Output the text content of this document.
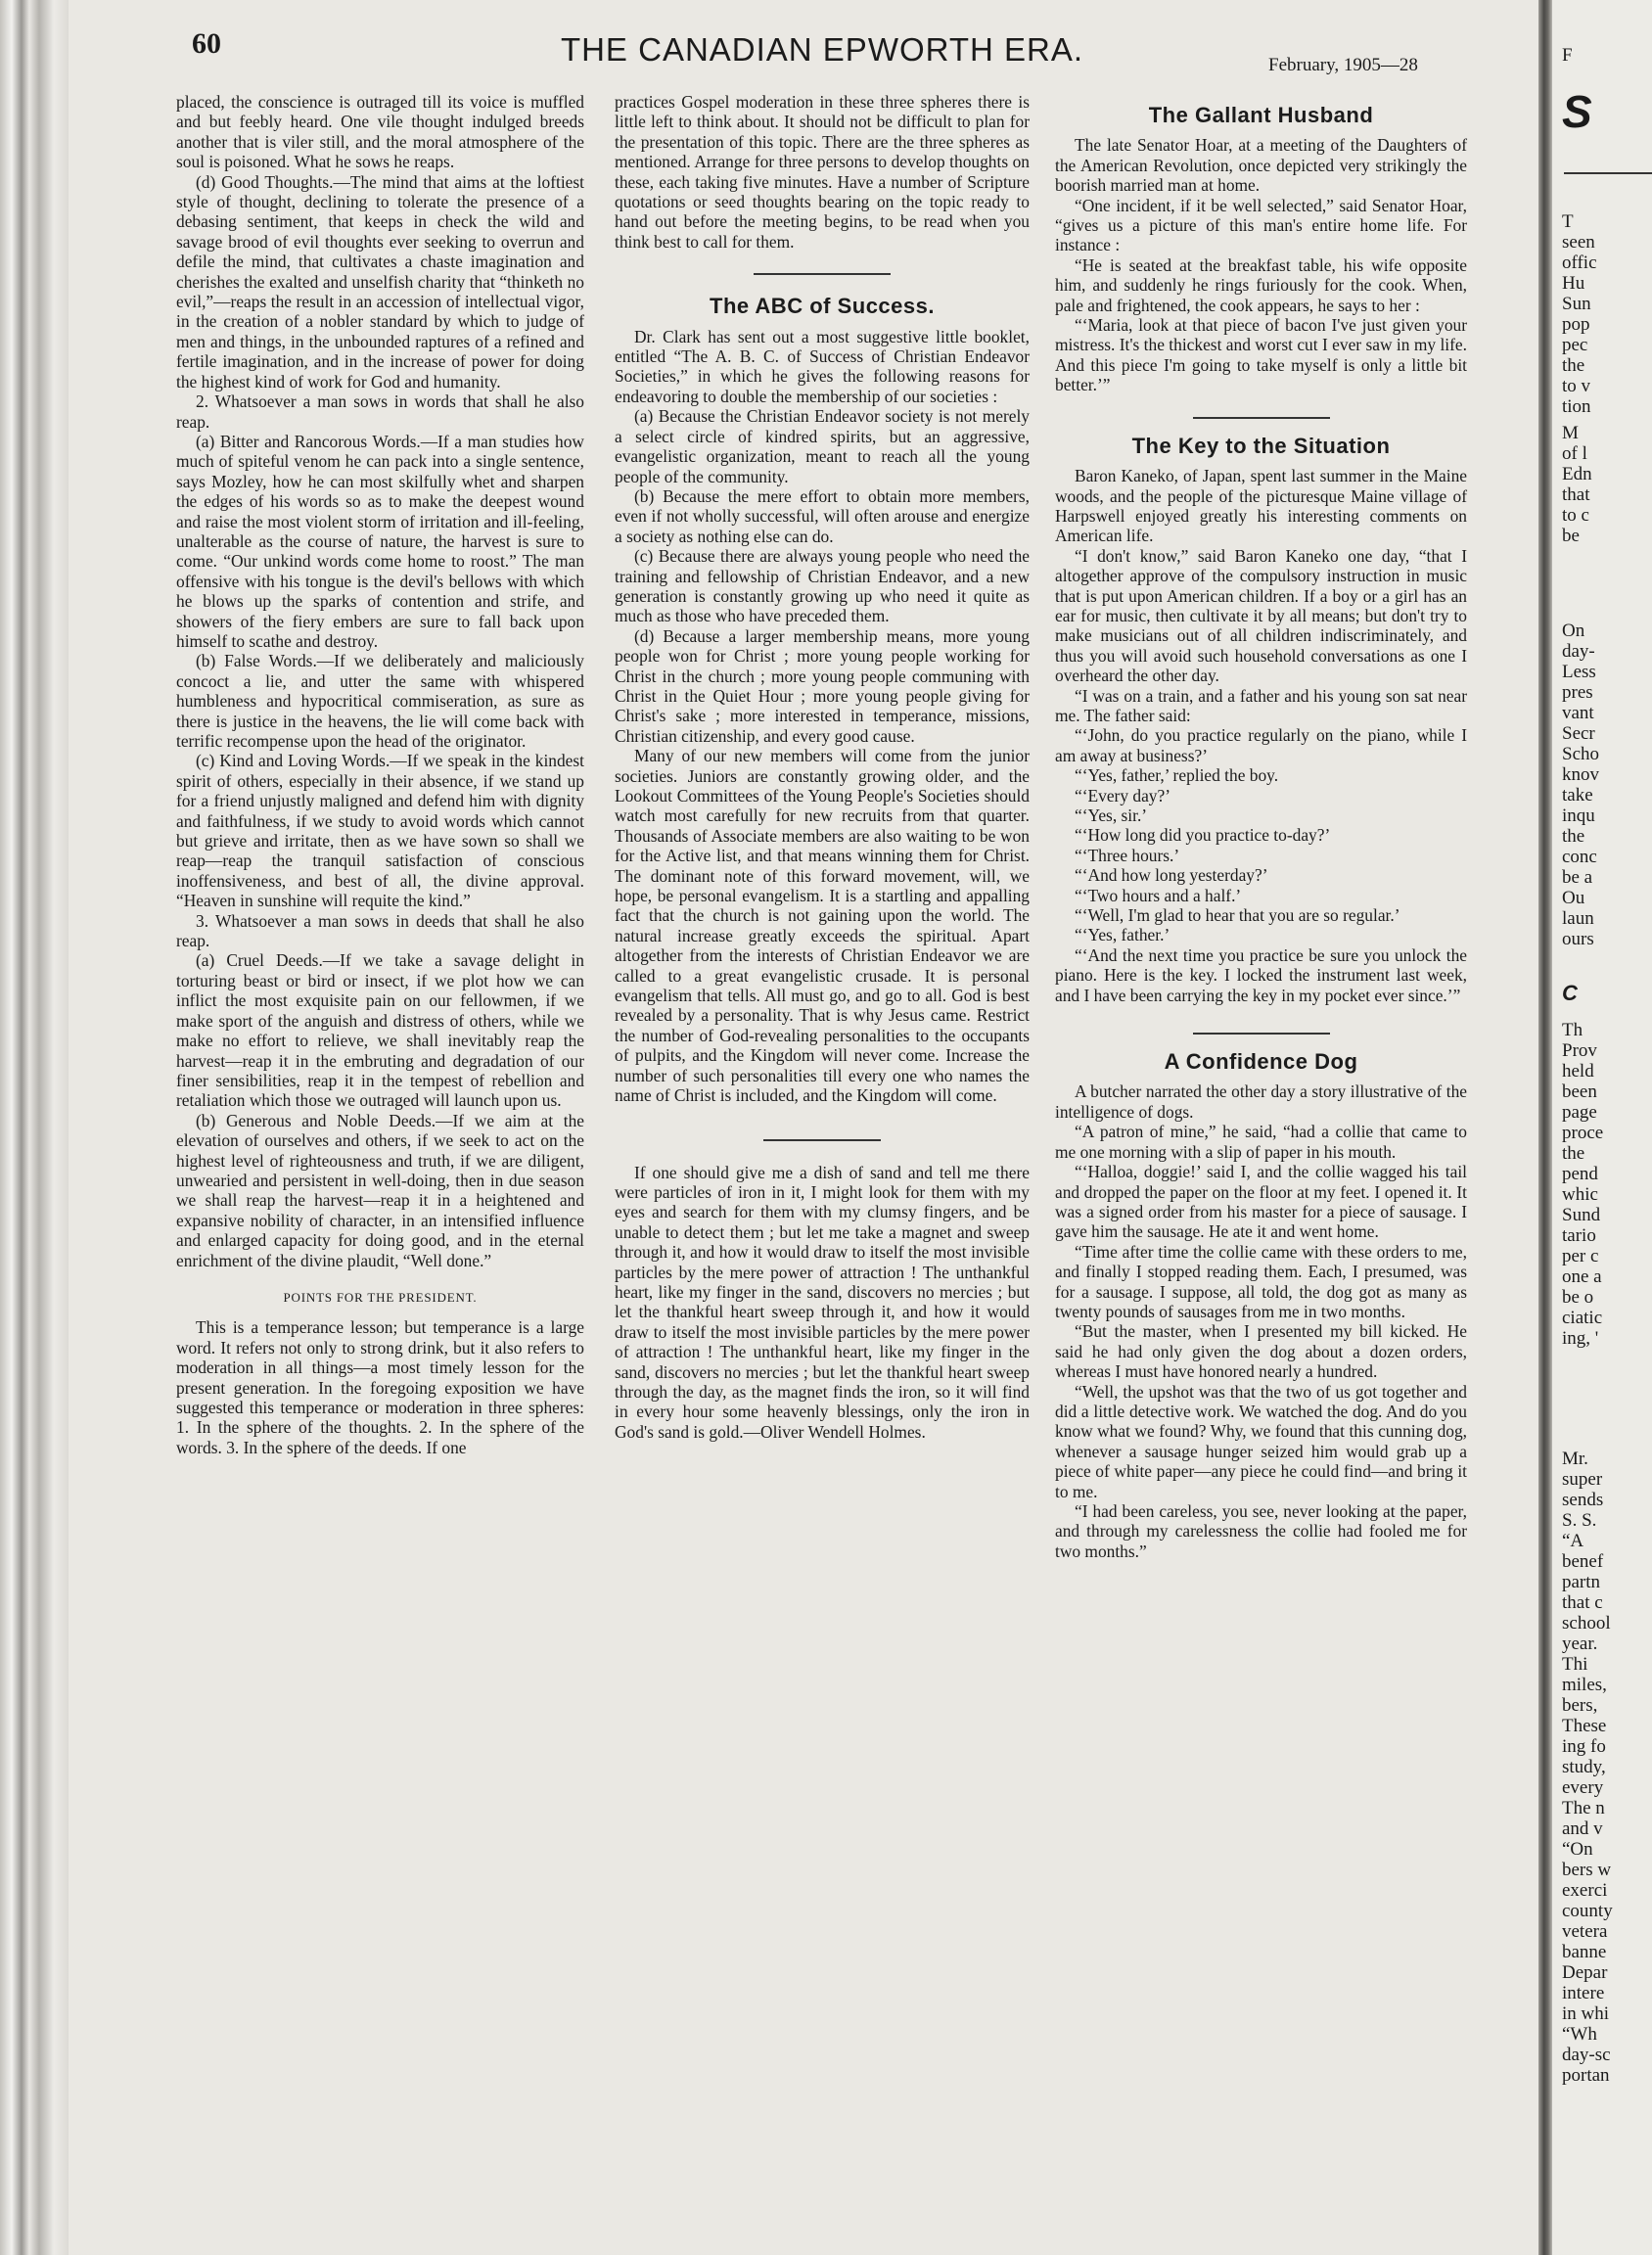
60	THE CANADIAN EPWORTH ERA.	February, 1905—28

placed, the conscience is outraged till its voice is muffled and but feebly heard. One vile thought indulged breeds another that is viler still, and the moral atmosphere of the soul is poisoned. What he sows he reaps.

(d) Good Thoughts.—The mind that aims at the loftiest style of thought, declining to tolerate the presence of a debasing sentiment, that keeps in check the wild and savage brood of evil thoughts ever seeking to overrun and defile the mind, that cultivates a chaste imagination and cherishes the exalted and unselfish charity that “thinketh no evil,”—reaps the result in an accession of intellectual vigor, in the creation of a nobler standard by which to judge of men and things, in the unbounded raptures of a refined and fertile imagination, and in the increase of power for doing the highest kind of work for God and humanity.

2. Whatsoever a man sows in words that shall he also reap.

(a) Bitter and Rancorous Words.—If a man studies how much of spiteful venom he can pack into a single sentence, says Mozley, how he can most skilfully whet and sharpen the edges of his words so as to make the deepest wound and raise the most violent storm of irritation and ill-feeling, unalterable as the course of nature, the harvest is sure to come. “Our unkind words come home to roost.” The man offensive with his tongue is the devil's bellows with which he blows up the sparks of contention and strife, and showers of the fiery embers are sure to fall back upon himself to scathe and destroy.

(b) False Words.—If we deliberately and maliciously concoct a lie, and utter the same with whispered humbleness and hypocritical commiseration, as sure as there is justice in the heavens, the lie will come back with terrific recompense upon the head of the originator.

(c) Kind and Loving Words.—If we speak in the kindest spirit of others, especially in their absence, if we stand up for a friend unjustly maligned and defend him with dignity and faithfulness, if we study to avoid words which cannot but grieve and irritate, then as we have sown so shall we reap—reap the tranquil satisfaction of conscious inoffensiveness, and best of all, the divine approval. “Heaven in sunshine will requite the kind.”

3. Whatsoever a man sows in deeds that shall he also reap.

(a) Cruel Deeds.—If we take a savage delight in torturing beast or bird or insect, if we plot how we can inflict the most exquisite pain on our fellowmen, if we make sport of the anguish and distress of others, while we make no effort to relieve, we shall inevitably reap the harvest—reap it in the embruting and degradation of our finer sensibilities, reap it in the tempest of rebellion and retaliation which those we outraged will launch upon us.

(b) Generous and Noble Deeds.—If we aim at the elevation of ourselves and others, if we seek to act on the highest level of righteousness and truth, if we are diligent, unwearied and persistent in well-doing, then in due season we shall reap the harvest—reap it in a heightened and expansive nobility of character, in an intensified influence and enlarged capacity for doing good, and in the eternal enrichment of the divine plaudit, “Well done.”

POINTS FOR THE PRESIDENT.

This is a temperance lesson; but temperance is a large word. It refers not only to strong drink, but it also refers to moderation in all things—a most timely lesson for the present generation. In the foregoing exposition we have suggested this temperance or moderation in three spheres: 1. In the sphere of the thoughts. 2. In the sphere of the words. 3. In the sphere of the deeds. If one

practices Gospel moderation in these three spheres there is little left to think about. It should not be difficult to plan for the presentation of this topic. There are the three spheres as mentioned. Arrange for three persons to develop thoughts on these, each taking five minutes. Have a number of Scripture quotations or seed thoughts bearing on the topic ready to hand out before the meeting begins, to be read when you think best to call for them.

The ABC of Success.

Dr. Clark has sent out a most suggestive little booklet, entitled “The A. B. C. of Success of Christian Endeavor Societies,” in which he gives the following reasons for endeavoring to double the membership of our societies :

(a) Because the Christian Endeavor society is not merely a select circle of kindred spirits, but an aggressive, evangelistic organization, meant to reach all the young people of the community.

(b) Because the mere effort to obtain more members, even if not wholly successful, will often arouse and energize a society as nothing else can do.

(c) Because there are always young people who need the training and fellowship of Christian Endeavor, and a new generation is constantly growing up who need it quite as much as those who have preceded them.

(d) Because a larger membership means, more young people won for Christ ; more young people working for Christ in the church ; more young people communing with Christ in the Quiet Hour ; more young people giving for Christ's sake ; more interested in temperance, missions, Christian citizenship, and every good cause.

Many of our new members will come from the junior societies. Juniors are constantly growing older, and the Lookout Committees of the Young People's Societies should watch most carefully for new recruits from that quarter. Thousands of Associate members are also waiting to be won for the Active list, and that means winning them for Christ. The dominant note of this forward movement, will, we hope, be personal evangelism. It is a startling and appalling fact that the church is not gaining upon the world. The natural increase greatly exceeds the spiritual. Apart altogether from the interests of Christian Endeavor we are called to a great evangelistic crusade. It is personal evangelism that tells. All must go, and go to all. God is best revealed by a personality. That is why Jesus came. Restrict the number of God-revealing personalities to the occupants of pulpits, and the Kingdom will never come. Increase the number of such personalities till every one who names the name of Christ is included, and the Kingdom will come.

If one should give me a dish of sand and tell me there were particles of iron in it, I might look for them with my eyes and search for them with my clumsy fingers, and be unable to detect them ; but let me take a magnet and sweep through it, and how it would draw to itself the most invisible particles by the mere power of attraction ! The unthankful heart, like my finger in the sand, discovers no mercies ; but let the thankful heart sweep through it, and how it would draw to itself the most invisible particles by the mere power of attraction ! The unthankful heart, like my finger in the sand, discovers no mercies ; but let the thankful heart sweep through the day, as the magnet finds the iron, so it will find in every hour some heavenly blessings, only the iron in God's sand is gold.—Oliver Wendell Holmes.

The Gallant Husband

The late Senator Hoar, at a meeting of the Daughters of the American Revolution, once depicted very strikingly the boorish married man at home.

“One incident, if it be well selected,” said Senator Hoar, “gives us a picture of this man's entire home life. For instance :

“He is seated at the breakfast table, his wife opposite him, and suddenly he rings furiously for the cook. When, pale and frightened, the cook appears, he says to her :

“‘Maria, look at that piece of bacon I've just given your mistress. It's the thickest and worst cut I ever saw in my life. And this piece I'm going to take myself is only a little bit better.’”

The Key to the Situation

Baron Kaneko, of Japan, spent last summer in the Maine woods, and the people of the picturesque Maine village of Harpswell enjoyed greatly his interesting comments on American life.

“I don't know,” said Baron Kaneko one day, “that I altogether approve of the compulsory instruction in music that is put upon American children. If a boy or a girl has an ear for music, then cultivate it by all means; but don't try to make musicians out of all children indiscriminately, and thus you will avoid such household conversations as one I overheard the other day.

“I was on a train, and a father and his young son sat near me. The father said:

“‘John, do you practice regularly on the piano, while I am away at business?’

“‘Yes, father,’ replied the boy.

“‘Every day?’

“‘Yes, sir.’

“‘How long did you practice to-day?’

“‘Three hours.’

“‘And how long yesterday?’

“‘Two hours and a half.’

“‘Well, I'm glad to hear that you are so regular.’

“‘Yes, father.’

“‘And the next time you practice be sure you unlock the piano. Here is the key. I locked the instrument last week, and I have been carrying the key in my pocket ever since.’”

A Confidence Dog

A butcher narrated the other day a story illustrative of the intelligence of dogs.

“A patron of mine,” he said, “had a collie that came to me one morning with a slip of paper in his mouth.

“‘Halloa, doggie!’ said I, and the collie wagged his tail and dropped the paper on the floor at my feet. I opened it. It was a signed order from his master for a piece of sausage. I gave him the sausage. He ate it and went home.

“Time after time the collie came with these orders to me, and finally I stopped reading them. Each, I presumed, was for a sausage. I suppose, all told, the dog got as many as twenty pounds of sausages from me in two months.

“But the master, when I presented my bill kicked. He said he had only given the dog about a dozen orders, whereas I must have honored nearly a hundred.

“Well, the upshot was that the two of us got together and did a little detective work. We watched the dog. And do you know what we found? Why, we found that this cunning dog, whenever a sausage hunger seized him would grab up a piece of white paper—any piece he could find—and bring it to me.

“I had been careless, you see, never looking at the paper, and through my carelessness the collie had fooled me for two months.”

F
S
T
seen
offic
Hu
Sun
pop
pec
the
to v
tion
M
of l
Edn
that
to c
be
On
day-
Less
pres
vant
Secr
Scho
knov
take
inqu
the
conc
be a
Ou
laun
ours
C
Th
Prov
held
been
page
proce
the
pend
whic
Sund
tario
per c
one a
be o
ciatic
ing, '
Mr.
super
sends
S. S.
“A
benef
partn
that c
school
year.
Thi
miles,
bers,
These
ing fo
study,
every
The n
and v
“On
bers w
exerci
county
vetera
banne
Depar
intere
in whi
“Wh
day-sc
portan
